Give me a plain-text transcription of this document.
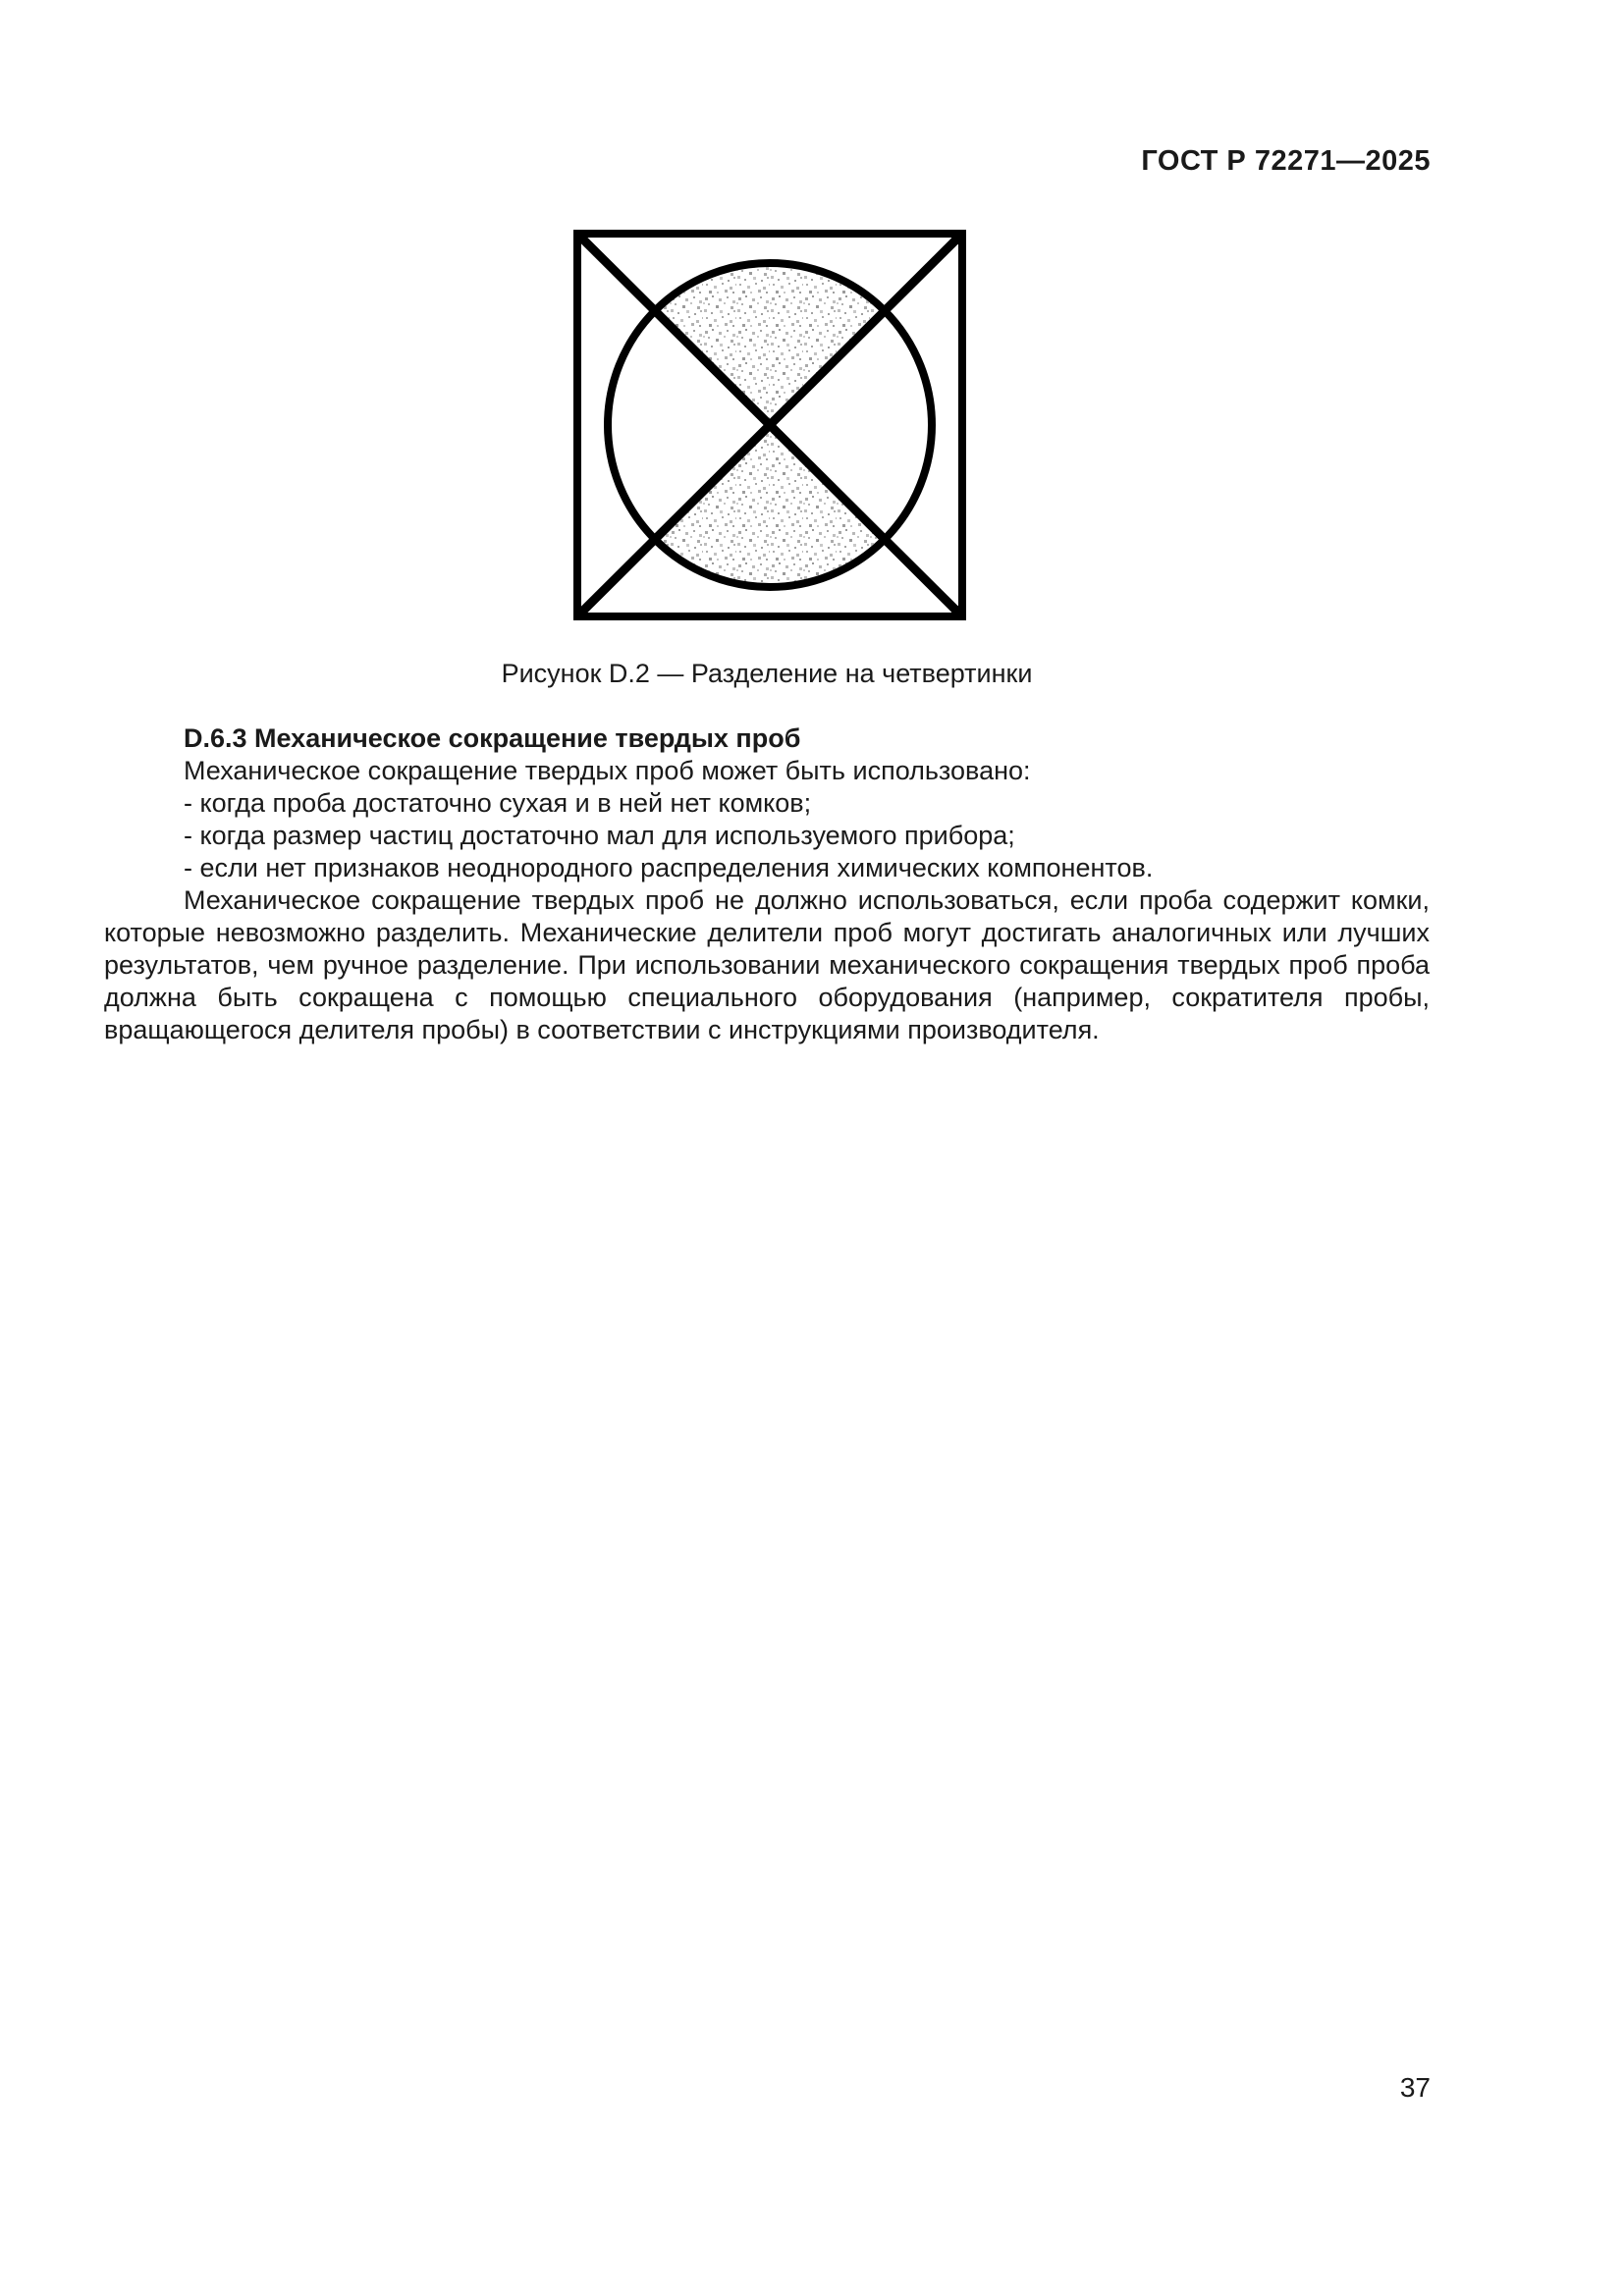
ГОСТ Р 72271—2025
Рисунок D.2 — Разделение на четвертинки
D.6.3 Механическое сокращение твердых проб
Механическое сокращение твердых проб может быть использовано:
- когда проба достаточно сухая и в ней нет комков;
- когда размер частиц достаточно мал для используемого прибора;
- если нет признаков неоднородного распределения химических компонентов.
Механическое сокращение твердых проб не должно использоваться, если проба содержит комки, которые невозможно разделить. Механические делители проб могут достигать аналогичных или лучших результатов, чем ручное разделение. При использовании механического сокращения твердых проб проба должна быть сокращена с помощью специального оборудования (например, сократителя пробы, вращающегося делителя пробы) в соответствии с инструкциями производителя.
37
